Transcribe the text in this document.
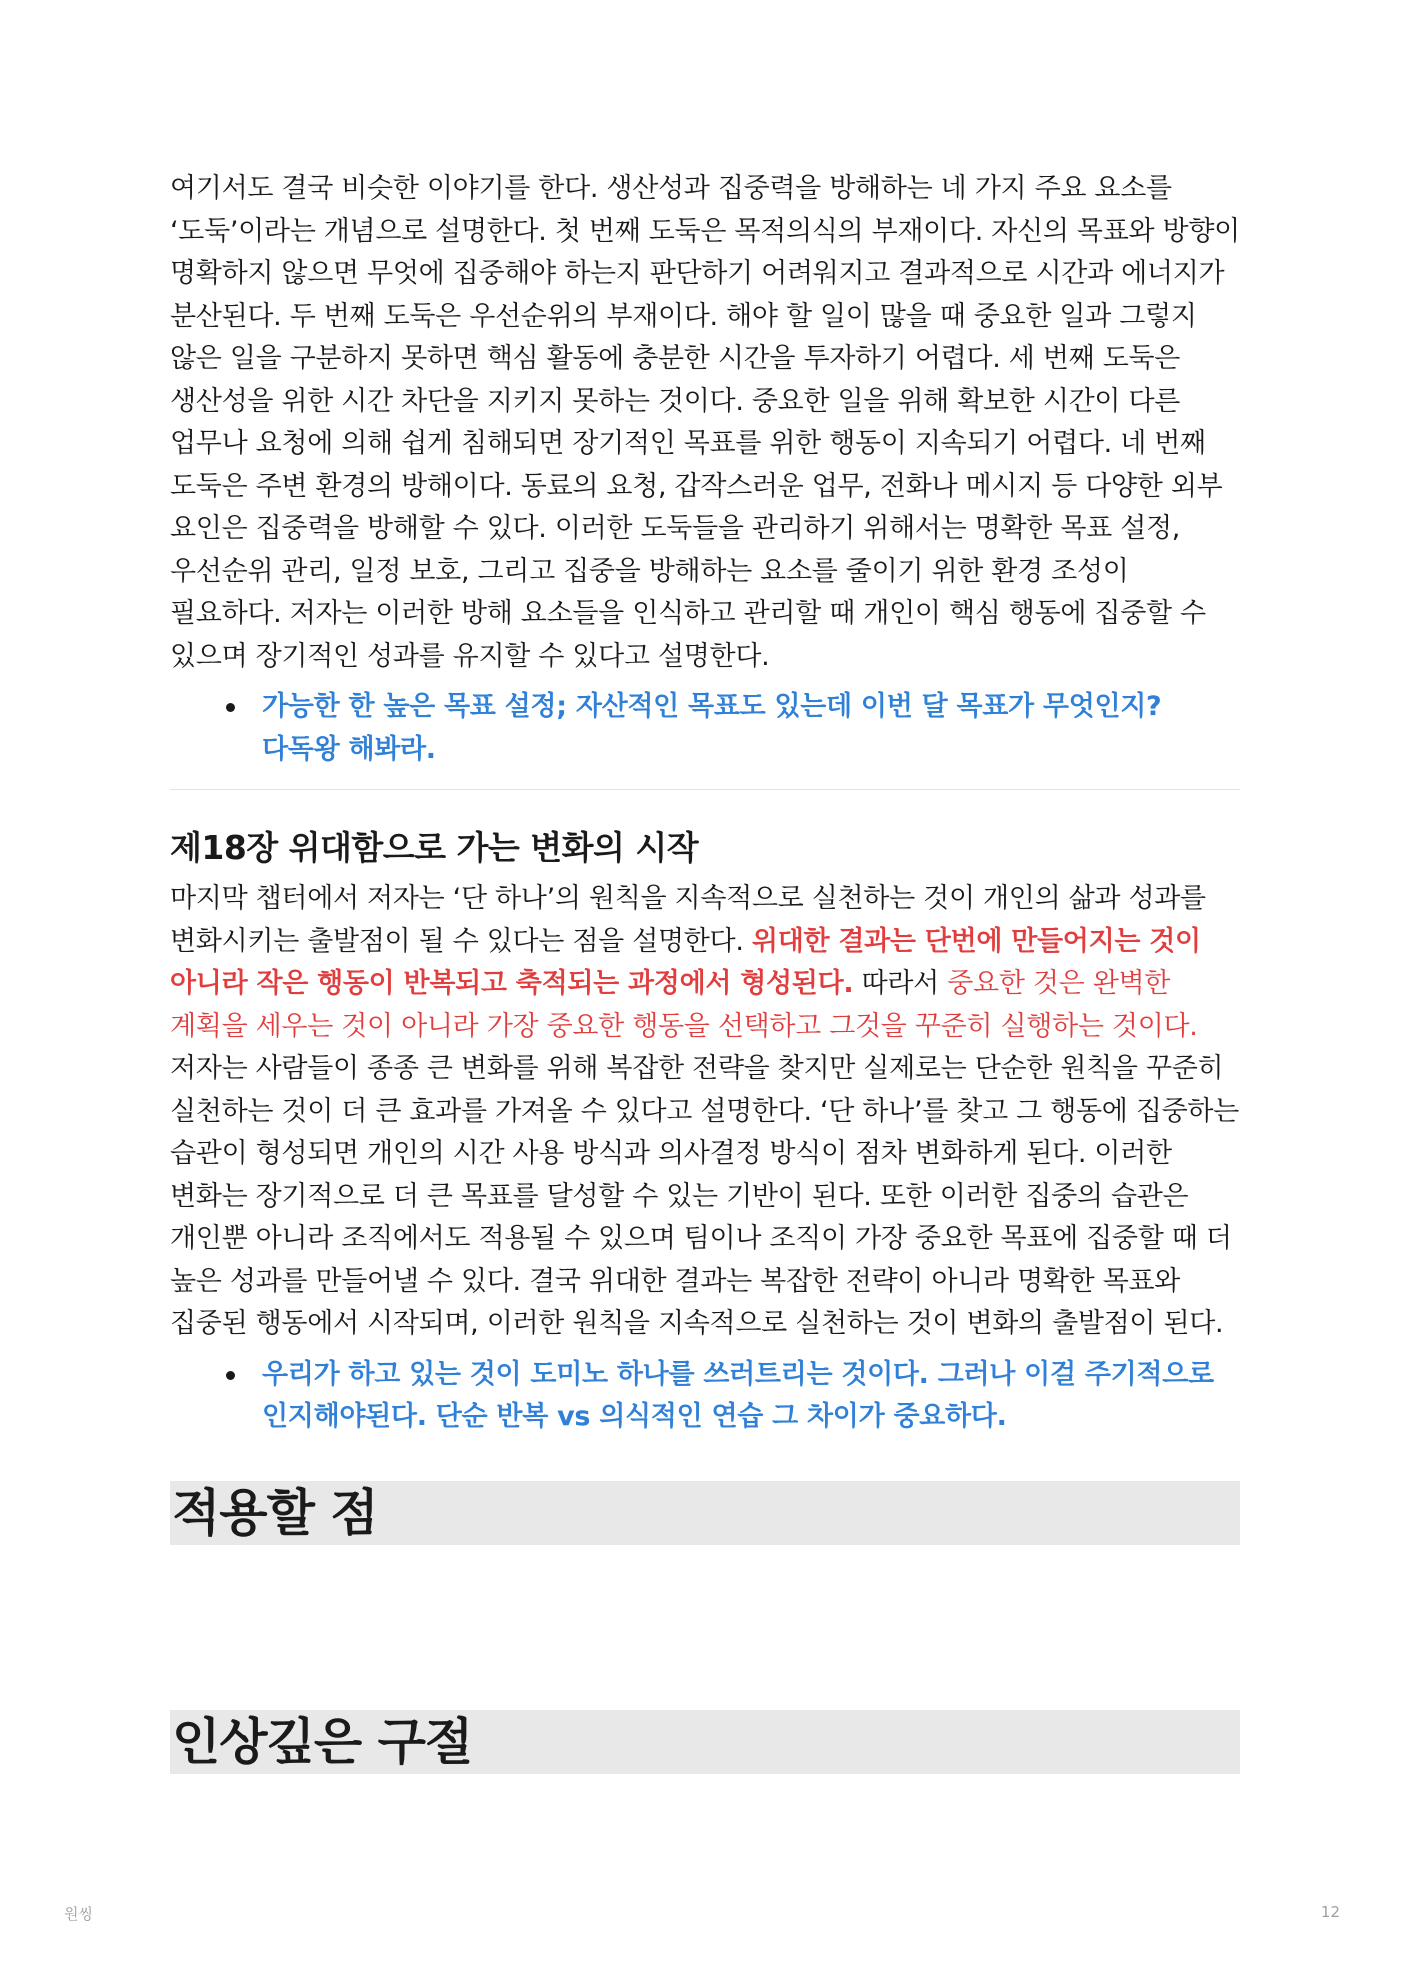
여기서도 결국 비슷한 이야기를 한다. 생산성과 집중력을 방해하는 네 가지 주요 요소를 ‘도둑’이라는 개념으로 설명한다. 첫 번째 도둑은 목적의식의 부재이다. 자신의 목표와 방향이 명확하지 않으면 무엇에 집중해야 하는지 판단하기 어려워지고 결과적으로 시간과 에너지가 분산된다. 두 번째 도둑은 우선순위의 부재이다. 해야 할 일이 많을 때 중요한 일과 그렇지 않은 일을 구분하지 못하면 핵심 활동에 충분한 시간을 투자하기 어렵다. 세 번째 도둑은 생산성을 위한 시간 차단을 지키지 못하는 것이다. 중요한 일을 위해 확보한 시간이 다른 업무나 요청에 의해 쉽게 침해되면 장기적인 목표를 위한 행동이 지속되기 어렵다. 네 번째 도둑은 주변 환경의 방해이다. 동료의 요청, 갑작스러운 업무, 전화나 메시지 등 다양한 외부 요인은 집중력을 방해할 수 있다. 이러한 도둑들을 관리하기 위해서는 명확한 목표 설정, 우선순위 관리, 일정 보호, 그리고 집중을 방해하는 요소를 줄이기 위한 환경 조성이 필요하다. 저자는 이러한 방해 요소들을 인식하고 관리할 때 개인이 핵심 행동에 집중할 수 있으며 장기적인 성과를 유지할 수 있다고 설명한다.

가능한 한 높은 목표 설정; 자산적인 목표도 있는데 이번 달 목표가 무엇인지? 다독왕 해봐라.
제18장 위대함으로 가는 변화의 시작

마지막 챕터에서 저자는 ‘단 하나’의 원칙을 지속적으로 실천하는 것이 개인의 삶과 성과를 변화시키는 출발점이 될 수 있다는 점을 설명한다. 위대한 결과는 단번에 만들어지는 것이 아니라 작은 행동이 반복되고 축적되는 과정에서 형성된다. 따라서 중요한 것은 완벽한 계획을 세우는 것이 아니라 가장 중요한 행동을 선택하고 그것을 꾸준히 실행하는 것이다. 저자는 사람들이 종종 큰 변화를 위해 복잡한 전략을 찾지만 실제로는 단순한 원칙을 꾸준히 실천하는 것이 더 큰 효과를 가져올 수 있다고 설명한다. ‘단 하나’를 찾고 그 행동에 집중하는 습관이 형성되면 개인의 시간 사용 방식과 의사결정 방식이 점차 변화하게 된다. 이러한 변화는 장기적으로 더 큰 목표를 달성할 수 있는 기반이 된다. 또한 이러한 집중의 습관은 개인뿐 아니라 조직에서도 적용될 수 있으며 팀이나 조직이 가장 중요한 목표에 집중할 때 더 높은 성과를 만들어낼 수 있다. 결국 위대한 결과는 복잡한 전략이 아니라 명확한 목표와 집중된 행동에서 시작되며, 이러한 원칙을 지속적으로 실천하는 것이 변화의 출발점이 된다.

우리가 하고 있는 것이 도미노 하나를 쓰러트리는 것이다. 그러나 이걸 주기적으로 인지해야된다. 단순 반복 vs 의식적인 연습 그 차이가 중요하다.
적용할 점
인상깊은 구절
원씽	12
